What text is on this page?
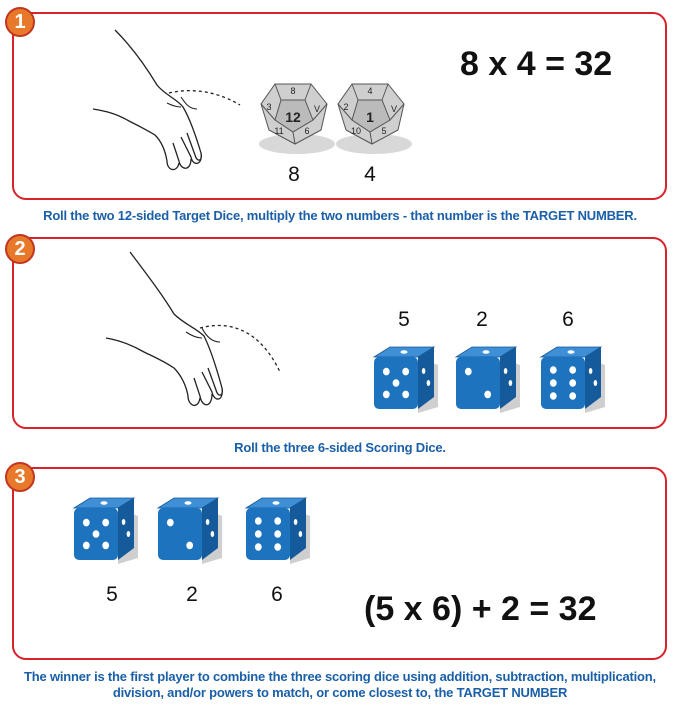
1
12
8
3	V
11 6
1
4
2	V
10 5
8	4
8 x 4 = 32
Roll the two 12-sided Target Dice, multiply the two numbers - that number is the TARGET NUMBER.
2
5	2	6
Roll the three 6-sided Scoring Dice.
3
5	2	6	(5 x 6) + 2 = 32
The winner is the first player to combine the three scoring dice using addition, subtraction, multiplication,
division, and/or powers to match, or come closest to, the TARGET NUMBER
